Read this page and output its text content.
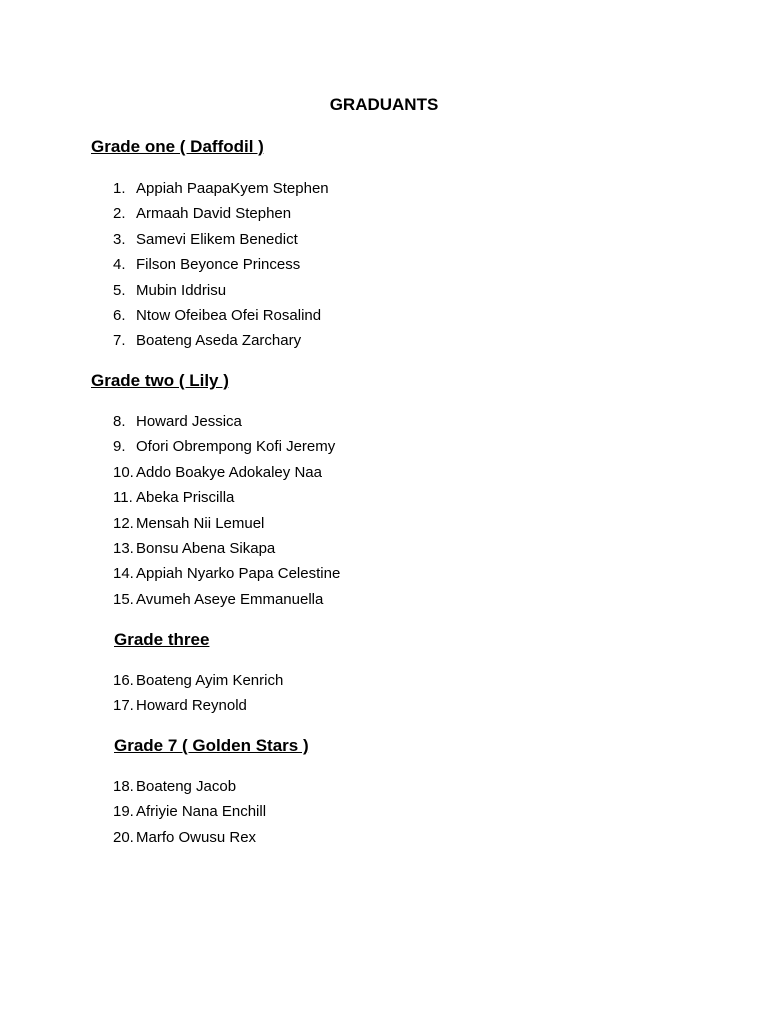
GRADUANTS
Grade one ( Daffodil )
1. Appiah PaapaKyem Stephen
2. Armaah David Stephen
3. Samevi Elikem Benedict
4. Filson Beyonce Princess
5. Mubin Iddrisu
6. Ntow Ofeibea Ofei Rosalind
7. Boateng Aseda Zarchary
Grade two ( Lily )
8. Howard Jessica
9. Ofori Obrempong Kofi Jeremy
10. Addo Boakye Adokaley Naa
11. Abeka Priscilla
12. Mensah Nii Lemuel
13. Bonsu Abena Sikapa
14. Appiah Nyarko Papa Celestine
15. Avumeh Aseye Emmanuella
Grade three
16. Boateng Ayim Kenrich
17. Howard Reynold
Grade 7 ( Golden Stars )
18. Boateng Jacob
19. Afriyie Nana Enchill
20. Marfo Owusu Rex
